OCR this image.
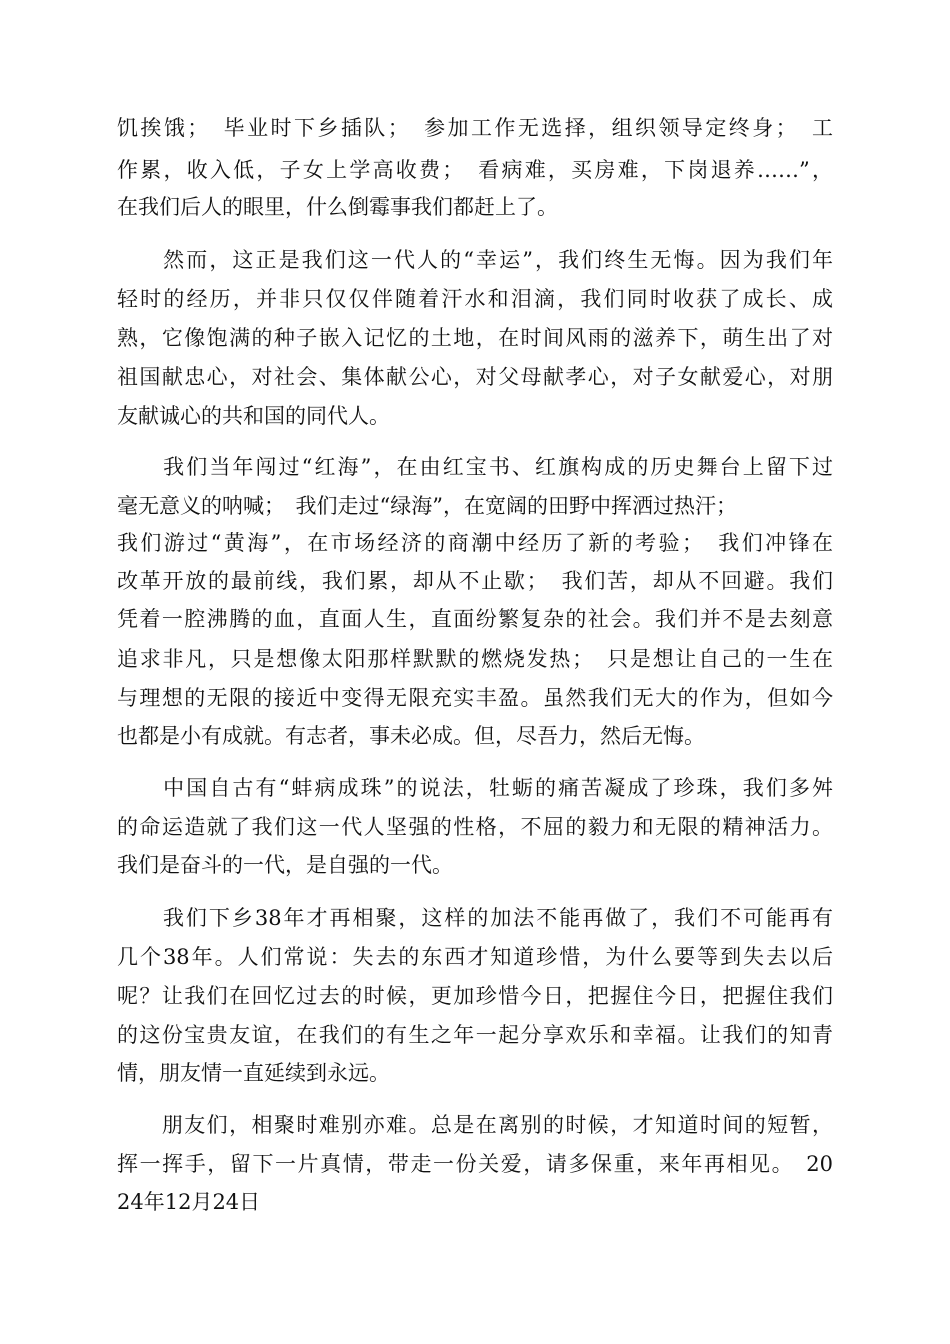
饥挨饿；　毕业时下乡插队；　参加工作无选择，组织领导定终身；　工
作累，收入低，子女上学高收费；　看病难，买房难，下岗退养……”，
在我们后人的眼里，什么倒霉事我们都赶上了。
　　然而，这正是我们这一代人的“幸运”，我们终生无悔。因为我们年
轻时的经历，并非只仅仅伴随着汗水和泪滴，我们同时收获了成长、成
熟，它像饱满的种子嵌入记忆的土地，在时间风雨的滋养下，萌生出了对
祖国献忠心，对社会、集体献公心，对父母献孝心，对子女献爱心，对朋
友献诚心的共和国的同代人。
　　我们当年闯过“红海”，在由红宝书、红旗构成的历史舞台上留下过
毫无意义的呐喊；　我们走过“绿海”，在宽阔的田野中挥洒过热汗；
我们游过“黄海”，在市场经济的商潮中经历了新的考验；　我们冲锋在
改革开放的最前线，我们累，却从不止歇；　我们苦，却从不回避。我们
凭着一腔沸腾的血，直面人生，直面纷繁复杂的社会。我们并不是去刻意
追求非凡，只是想像太阳那样默默的燃烧发热；　只是想让自己的一生在
与理想的无限的接近中变得无限充实丰盈。虽然我们无大的作为，但如今
也都是小有成就。有志者，事未必成。但，尽吾力，然后无悔。
　　中国自古有“蚌病成珠”的说法，牡蛎的痛苦凝成了珍珠，我们多舛
的命运造就了我们这一代人坚强的性格，不屈的毅力和无限的精神活力。
我们是奋斗的一代，是自强的一代。
　　我们下乡38年才再相聚，这样的加法不能再做了，我们不可能再有
几个38年。人们常说：失去的东西才知道珍惜，为什么要等到失去以后
呢？让我们在回忆过去的时候，更加珍惜今日，把握住今日，把握住我们
的这份宝贵友谊，在我们的有生之年一起分享欢乐和幸福。让我们的知青
情，朋友情一直延续到永远。
　　朋友们，相聚时难别亦难。总是在离别的时候，才知道时间的短暂，
挥一挥手，留下一片真情，带走一份关爱，请多保重，来年再相见。　20
24年12月24日
